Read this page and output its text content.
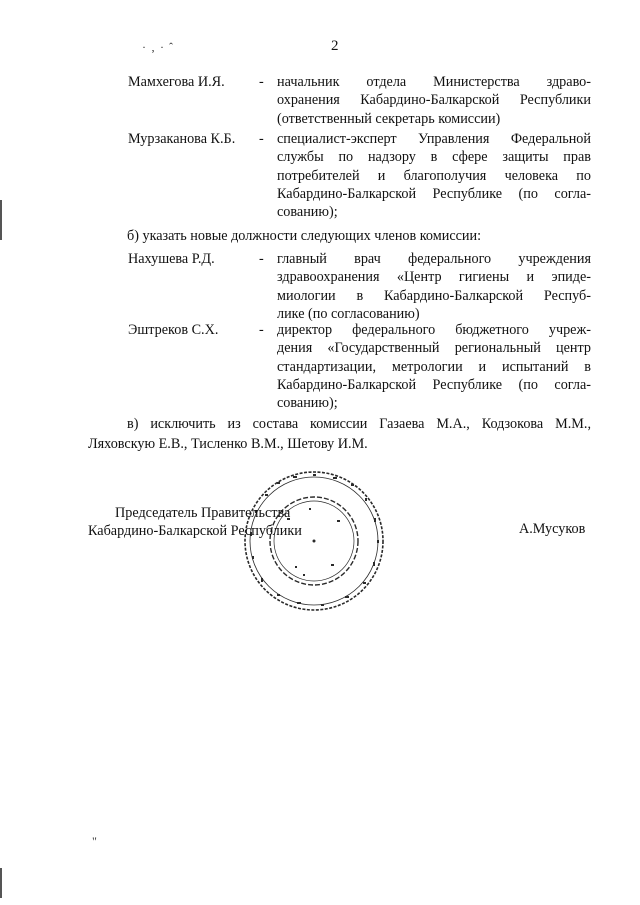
· ‚ · ˆ
"
2
Мамхегова И.Я. - начальник отдела Министерства здраво-
охранения Кабардино-Балкарской Республики
(ответственный секретарь комиссии)
Мурзаканова К.Б. - специалист-эксперт Управления Федеральной
службы по надзору в сфере защиты прав
потребителей и благополучия человека по
Кабардино-Балкарской Республике (по согла-
сованию);
б) указать новые должности следующих членов комиссии:
Нахушева Р.Д.	- главный врач федерального учреждения
здравоохранения «Центр гигиены и эпиде-
миологии в Кабардино-Балкарской Респуб-
лике (по согласованию)
Эштреков С.Х.	- директор федерального бюджетного учреж-
дения «Государственный региональный центр
стандартизации, метрологии и испытаний в
Кабардино-Балкарской Республике (по согла-
сованию);
в) исключить из состава комиссии Газаева М.А., Кодзокова М.М.,
Ляховскую Е.В., Тисленко В.М., Шетову И.М.
Председатель Правительства
Кабардино-Балкарской Республики	А.Мусуков
